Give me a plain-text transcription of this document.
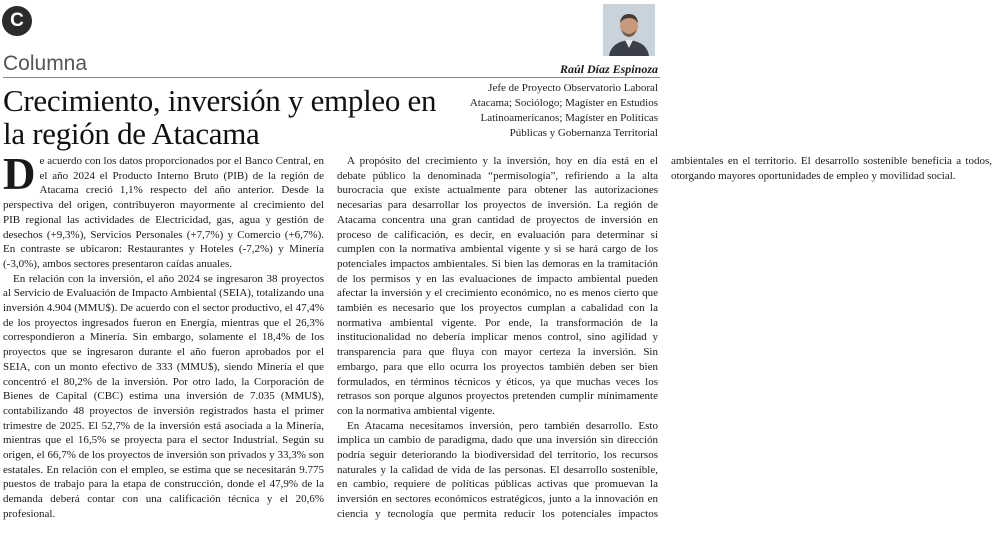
C
Columna
Crecimiento, inversión y empleo en la región de Atacama
Raúl Díaz Espinoza
Jefe de Proyecto Observatorio Laboral Atacama; Sociólogo; Magíster en Estudios Latinoamericanos; Magíster en Políticas Públicas y Gobernanza Territorial

De acuerdo con los datos proporcionados por el Banco Central, en el año 2024 el Producto Interno Bruto (PIB) de la región de Atacama creció 1,1% respecto del año anterior. Desde la perspectiva del origen, contribuyeron mayormente al crecimiento del PIB regional las actividades de Electricidad, gas, agua y gestión de desechos (+9,3%), Servicios Personales (+7,7%) y Comercio (+6,7%). En contraste se ubicaron: Restaurantes y Hoteles (-7,2%) y Minería (-3,0%), ambos sectores presentaron caídas anuales.

En relación con la inversión, el año 2024 se ingresaron 38 proyectos al Servicio de Evaluación de Impacto Ambiental (SEIA), totalizando una inversión 4.904 (MMU$). De acuerdo con el sector productivo, el 47,4% de los proyectos ingresados fueron en Energía, mientras que el 26,3% correspondieron a Minería. Sin embargo, solamente el 18,4% de los proyectos que se ingresaron durante el año fueron aprobados por el SEIA, con un monto efectivo de 333 (MMU$), siendo Minería el que concentró el 80,2% de la inversión. Por otro lado, la Corporación de Bienes de Capital (CBC) estima una inversión de 7.035 (MMU$), contabilizando 48 proyectos de inversión registrados hasta el primer trimestre de 2025. El 52,7% de la inversión está asociada a la Minería, mientras que el 16,5% se proyecta para el sector Industrial. Según su origen, el 66,7% de los proyectos de inversión son privados y 33,3% son estatales. En relación con el empleo, se estima que se necesitarán 9.775 puestos de trabajo para la etapa de construcción, donde el 47,9% de la demanda deberá contar con una calificación técnica y el 20,6% profesional.

A propósito del crecimiento y la inversión, hoy en día está en el debate público la denominada “permisología”, refiriendo a la alta burocracia que existe actualmente para obtener las autorizaciones necesarias para desarrollar los proyectos de inversión. La región de Atacama concentra una gran cantidad de proyectos de inversión en proceso de calificación, es decir, en evaluación para determinar si cumplen con la normativa ambiental vigente y si se hará cargo de los potenciales impactos ambientales. Si bien las demoras en la tramitación de los permisos y en las evaluaciones de impacto ambiental pueden afectar la inversión y el crecimiento económico, no es menos cierto que también es necesario que los proyectos cumplan a cabalidad con la normativa ambiental vigente. Por ende, la transformación de la institucionalidad no debería implicar menos control, sino agilidad y transparencia para que fluya con mayor certeza la inversión. Sin embargo, para que ello ocurra los proyectos también deben ser bien formulados, en términos técnicos y éticos, ya que muchas veces los retrasos son porque algunos proyectos pretenden cumplir mínimamente con la normativa ambiental vigente.

En Atacama necesitamos inversión, pero también desarrollo. Esto implica un cambio de paradigma, dado que una inversión sin dirección podría seguir deteriorando la biodiversidad del territorio, los recursos naturales y la calidad de vida de las personas. El desarrollo sostenible, en cambio, requiere de políticas públicas activas que promuevan la inversión en sectores económicos estratégicos, junto a la innovación en ciencia y tecnología que permita reducir los potenciales impactos ambientales en el territorio. El desarrollo sostenible beneficia a todos, otorgando mayores oportunidades de empleo y movilidad social.
